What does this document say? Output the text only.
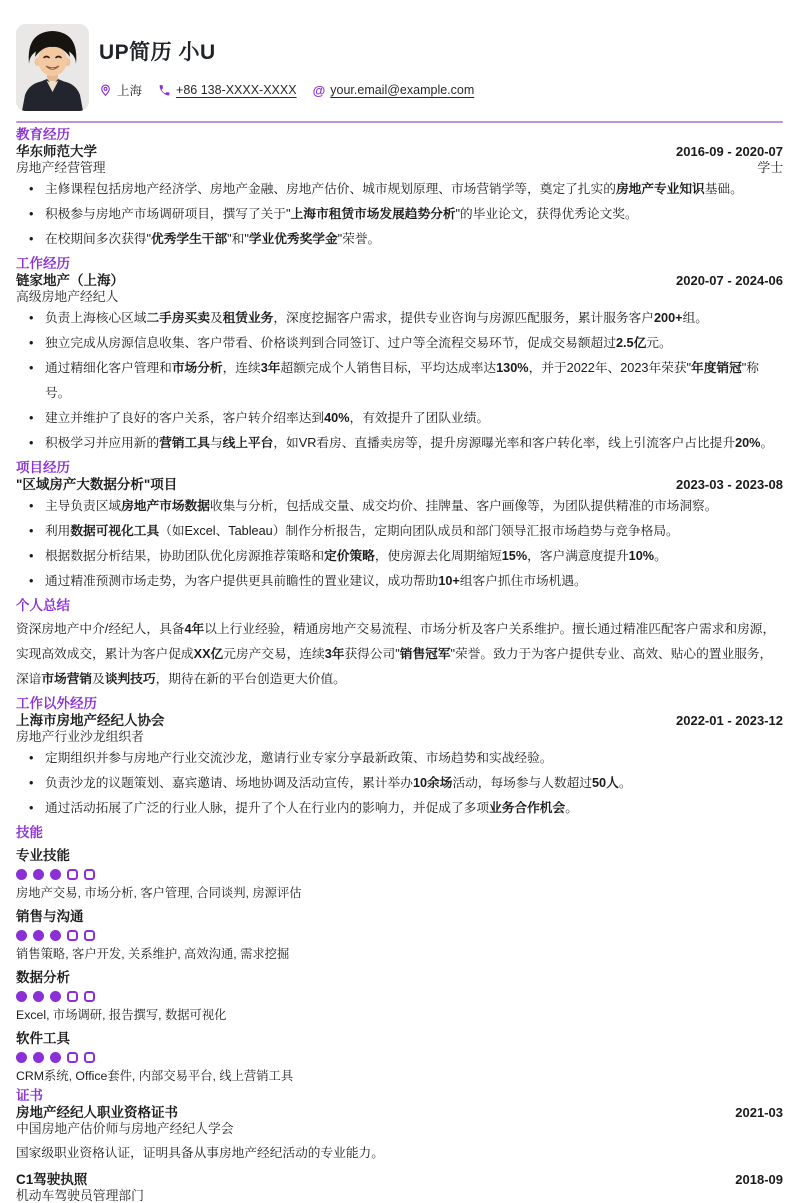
UP简历 小U
上海	+86 138-XXXX-XXXX @ your.email@example.com
教育经历
华东师范大学	2016-09 - 2020-07
房地产经营管理	学士
• 主修课程包括房地产经济学、房地产金融、房地产估价、城市规划原理、市场营销学等，奠定了扎实的房地产专业知识基础。
• 积极参与房地产市场调研项目，撰写了关于"上海市租赁市场发展趋势分析"的毕业论文，获得优秀论文奖。
• 在校期间多次获得"优秀学生干部"和"学业优秀奖学金"荣誉。
工作经历
链家地产（上海）	2020-07 - 2024-06
高级房地产经纪人
• 负责上海核心区域二手房买卖及租赁业务，深度挖掘客户需求，提供专业咨询与房源匹配服务，累计服务客户200+组。
• 独立完成从房源信息收集、客户带看、价格谈判到合同签订、过户等全流程交易环节，促成交易额超过2.5亿元。
• 通过精细化客户管理和市场分析，连续3年超额完成个人销售目标，平均达成率达130%，并于2022年、2023年荣获"年度销冠"称号。
• 建立并维护了良好的客户关系，客户转介绍率达到40%，有效提升了团队业绩。
• 积极学习并应用新的营销工具与线上平台，如VR看房、直播卖房等，提升房源曝光率和客户转化率，线上引流客户占比提升20%。
项目经历
"区域房产大数据分析"项目	2023-03 - 2023-08
• 主导负责区域房地产市场数据收集与分析，包括成交量、成交均价、挂牌量、客户画像等，为团队提供精准的市场洞察。
• 利用数据可视化工具（如Excel、Tableau）制作分析报告，定期向团队成员和部门领导汇报市场趋势与竞争格局。
• 根据数据分析结果，协助团队优化房源推荐策略和定价策略，使房源去化周期缩短15%，客户满意度提升10%。
• 通过精准预测市场走势，为客户提供更具前瞻性的置业建议，成功帮助10+组客户抓住市场机遇。
个人总结

资深房地产中介/经纪人，具备4年以上行业经验，精通房地产交易流程、市场分析及客户关系维护。擅长通过精准匹配客户需求和房源，实现高效成交，累计为客户促成XX亿元房产交易，连续3年获得公司"销售冠军"荣誉。致力于为客户提供专业、高效、贴心的置业服务，深谙市场营销及谈判技巧，期待在新的平台创造更大价值。

工作以外经历
上海市房地产经纪人协会	2022-01 - 2023-12
房地产行业沙龙组织者
• 定期组织并参与房地产行业交流沙龙，邀请行业专家分享最新政策、市场趋势和实战经验。
• 负责沙龙的议题策划、嘉宾邀请、场地协调及活动宣传，累计举办10余场活动，每场参与人数超过50人。
• 通过活动拓展了广泛的行业人脉，提升了个人在行业内的影响力，并促成了多项业务合作机会。
技能
专业技能
房地产交易, 市场分析, 客户管理, 合同谈判, 房源评估
销售与沟通
销售策略, 客户开发, 关系维护, 高效沟通, 需求挖掘
数据分析
Excel, 市场调研, 报告撰写, 数据可视化
软件工具
CRM系统, Office套件, 内部交易平台, 线上营销工具
证书
房地产经纪人职业资格证书	2021-03
中国房地产估价师与房地产经纪人学会
国家级职业资格认证，证明具备从事房地产经纪活动的专业能力。
C1驾驶执照	2018-09
机动车驾驶员管理部门
